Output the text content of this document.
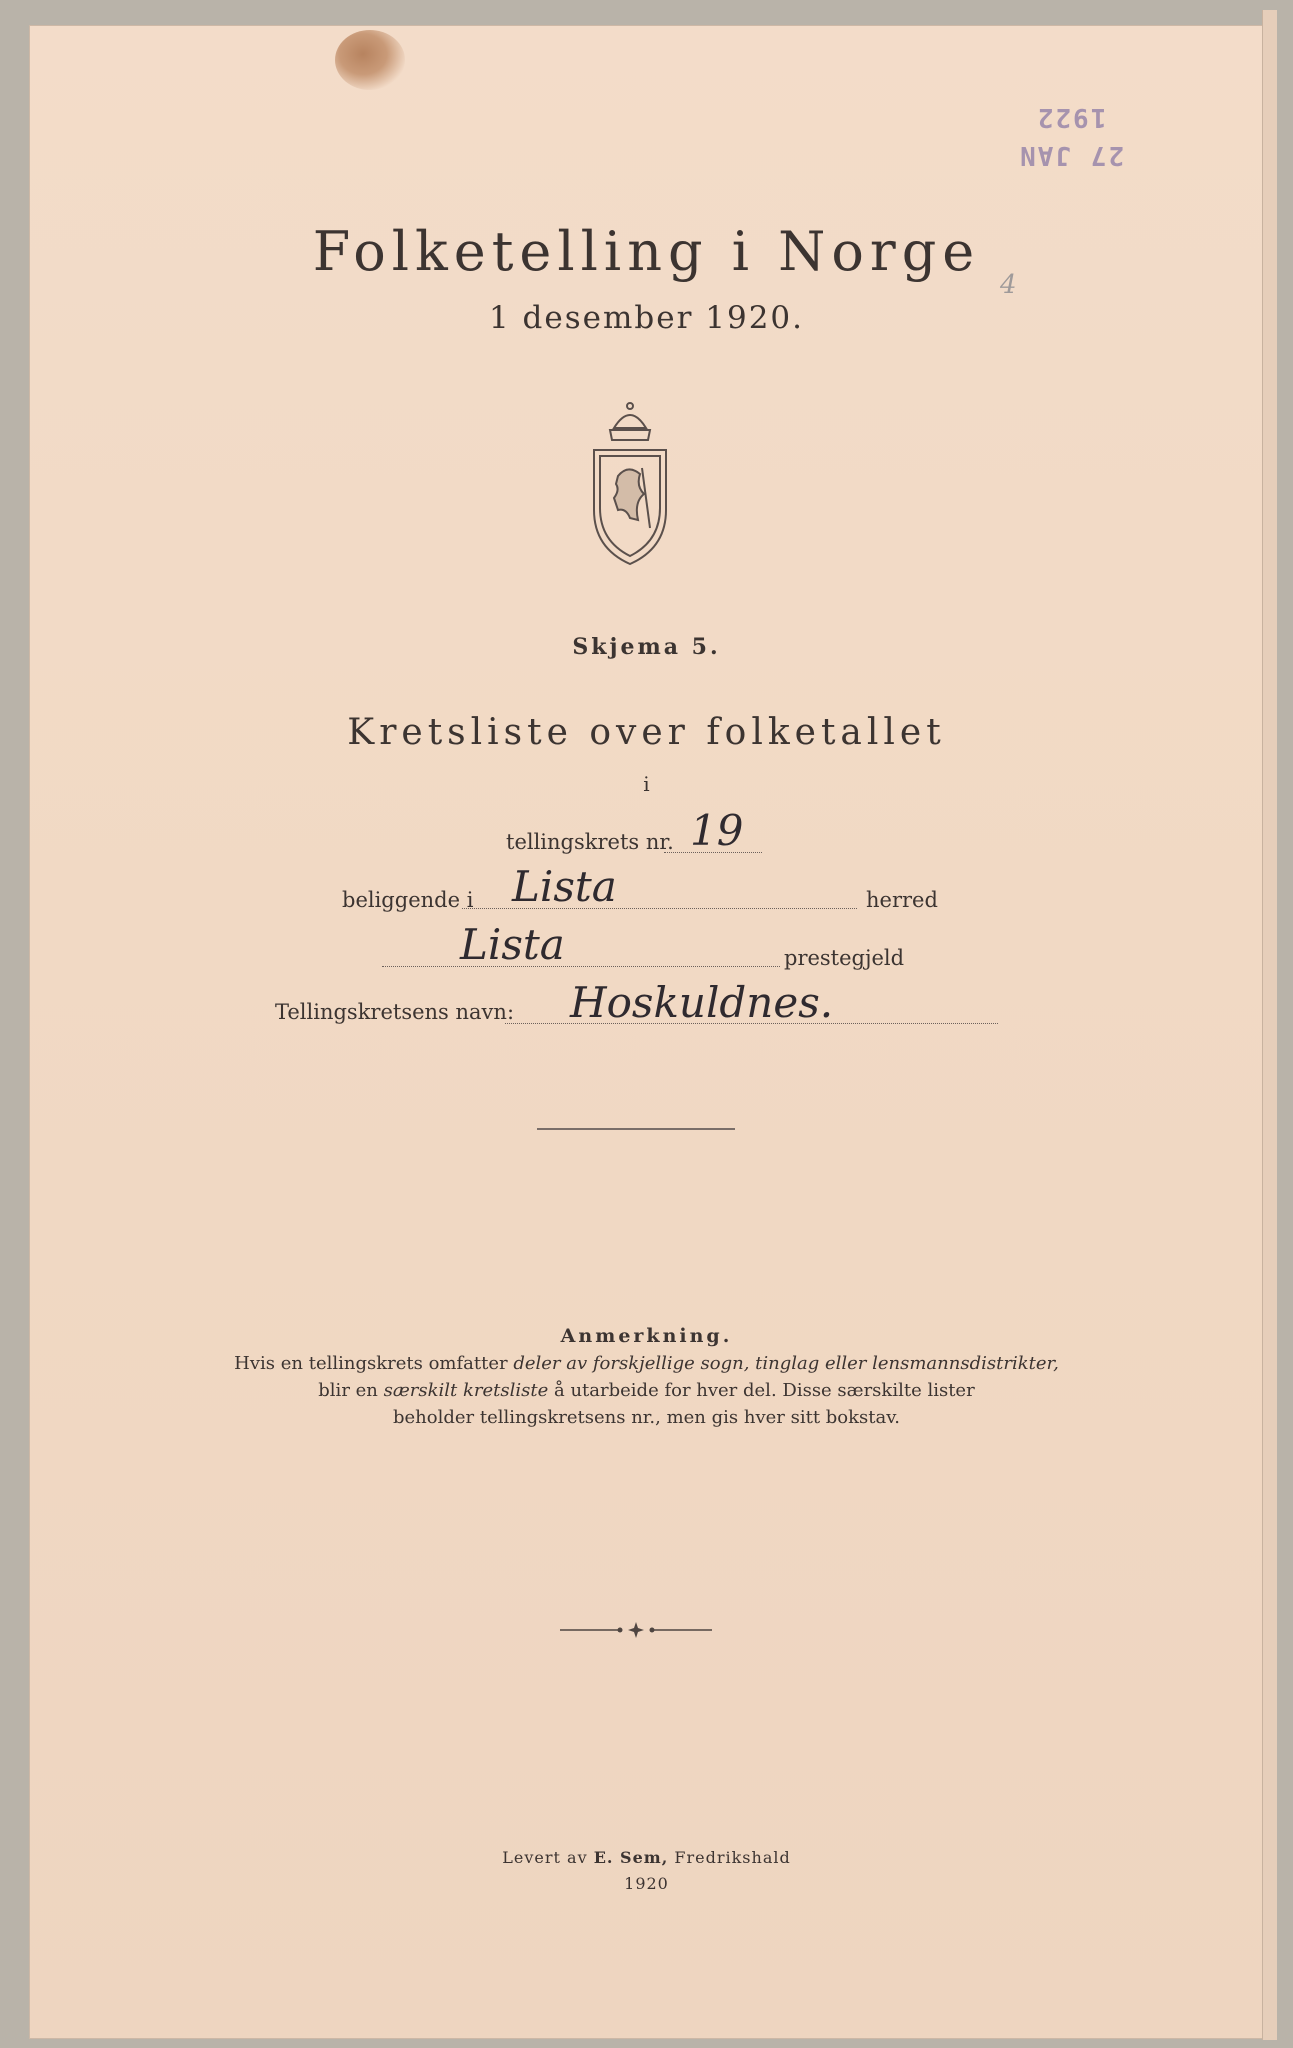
27 JAN 1922
4
Folketelling i Norge
1 desember 1920.
Skjema 5.
Kretsliste over folketallet
i
tellingskrets nr. 19
beliggende i Lista	herred
Lista	prestegjeld
Tellingskretsens navn: Hoskuldnes.
Anmerkning.
Hvis en tellingskrets omfatter deler av forskjellige sogn, tinglag eller lensmannsdistrikter,
blir en særskilt kretsliste å utarbeide for hver del. Disse særskilte lister
beholder tellingskretsens nr., men gis hver sitt bokstav.
Levert av E. Sem, Fredrikshald
1920
